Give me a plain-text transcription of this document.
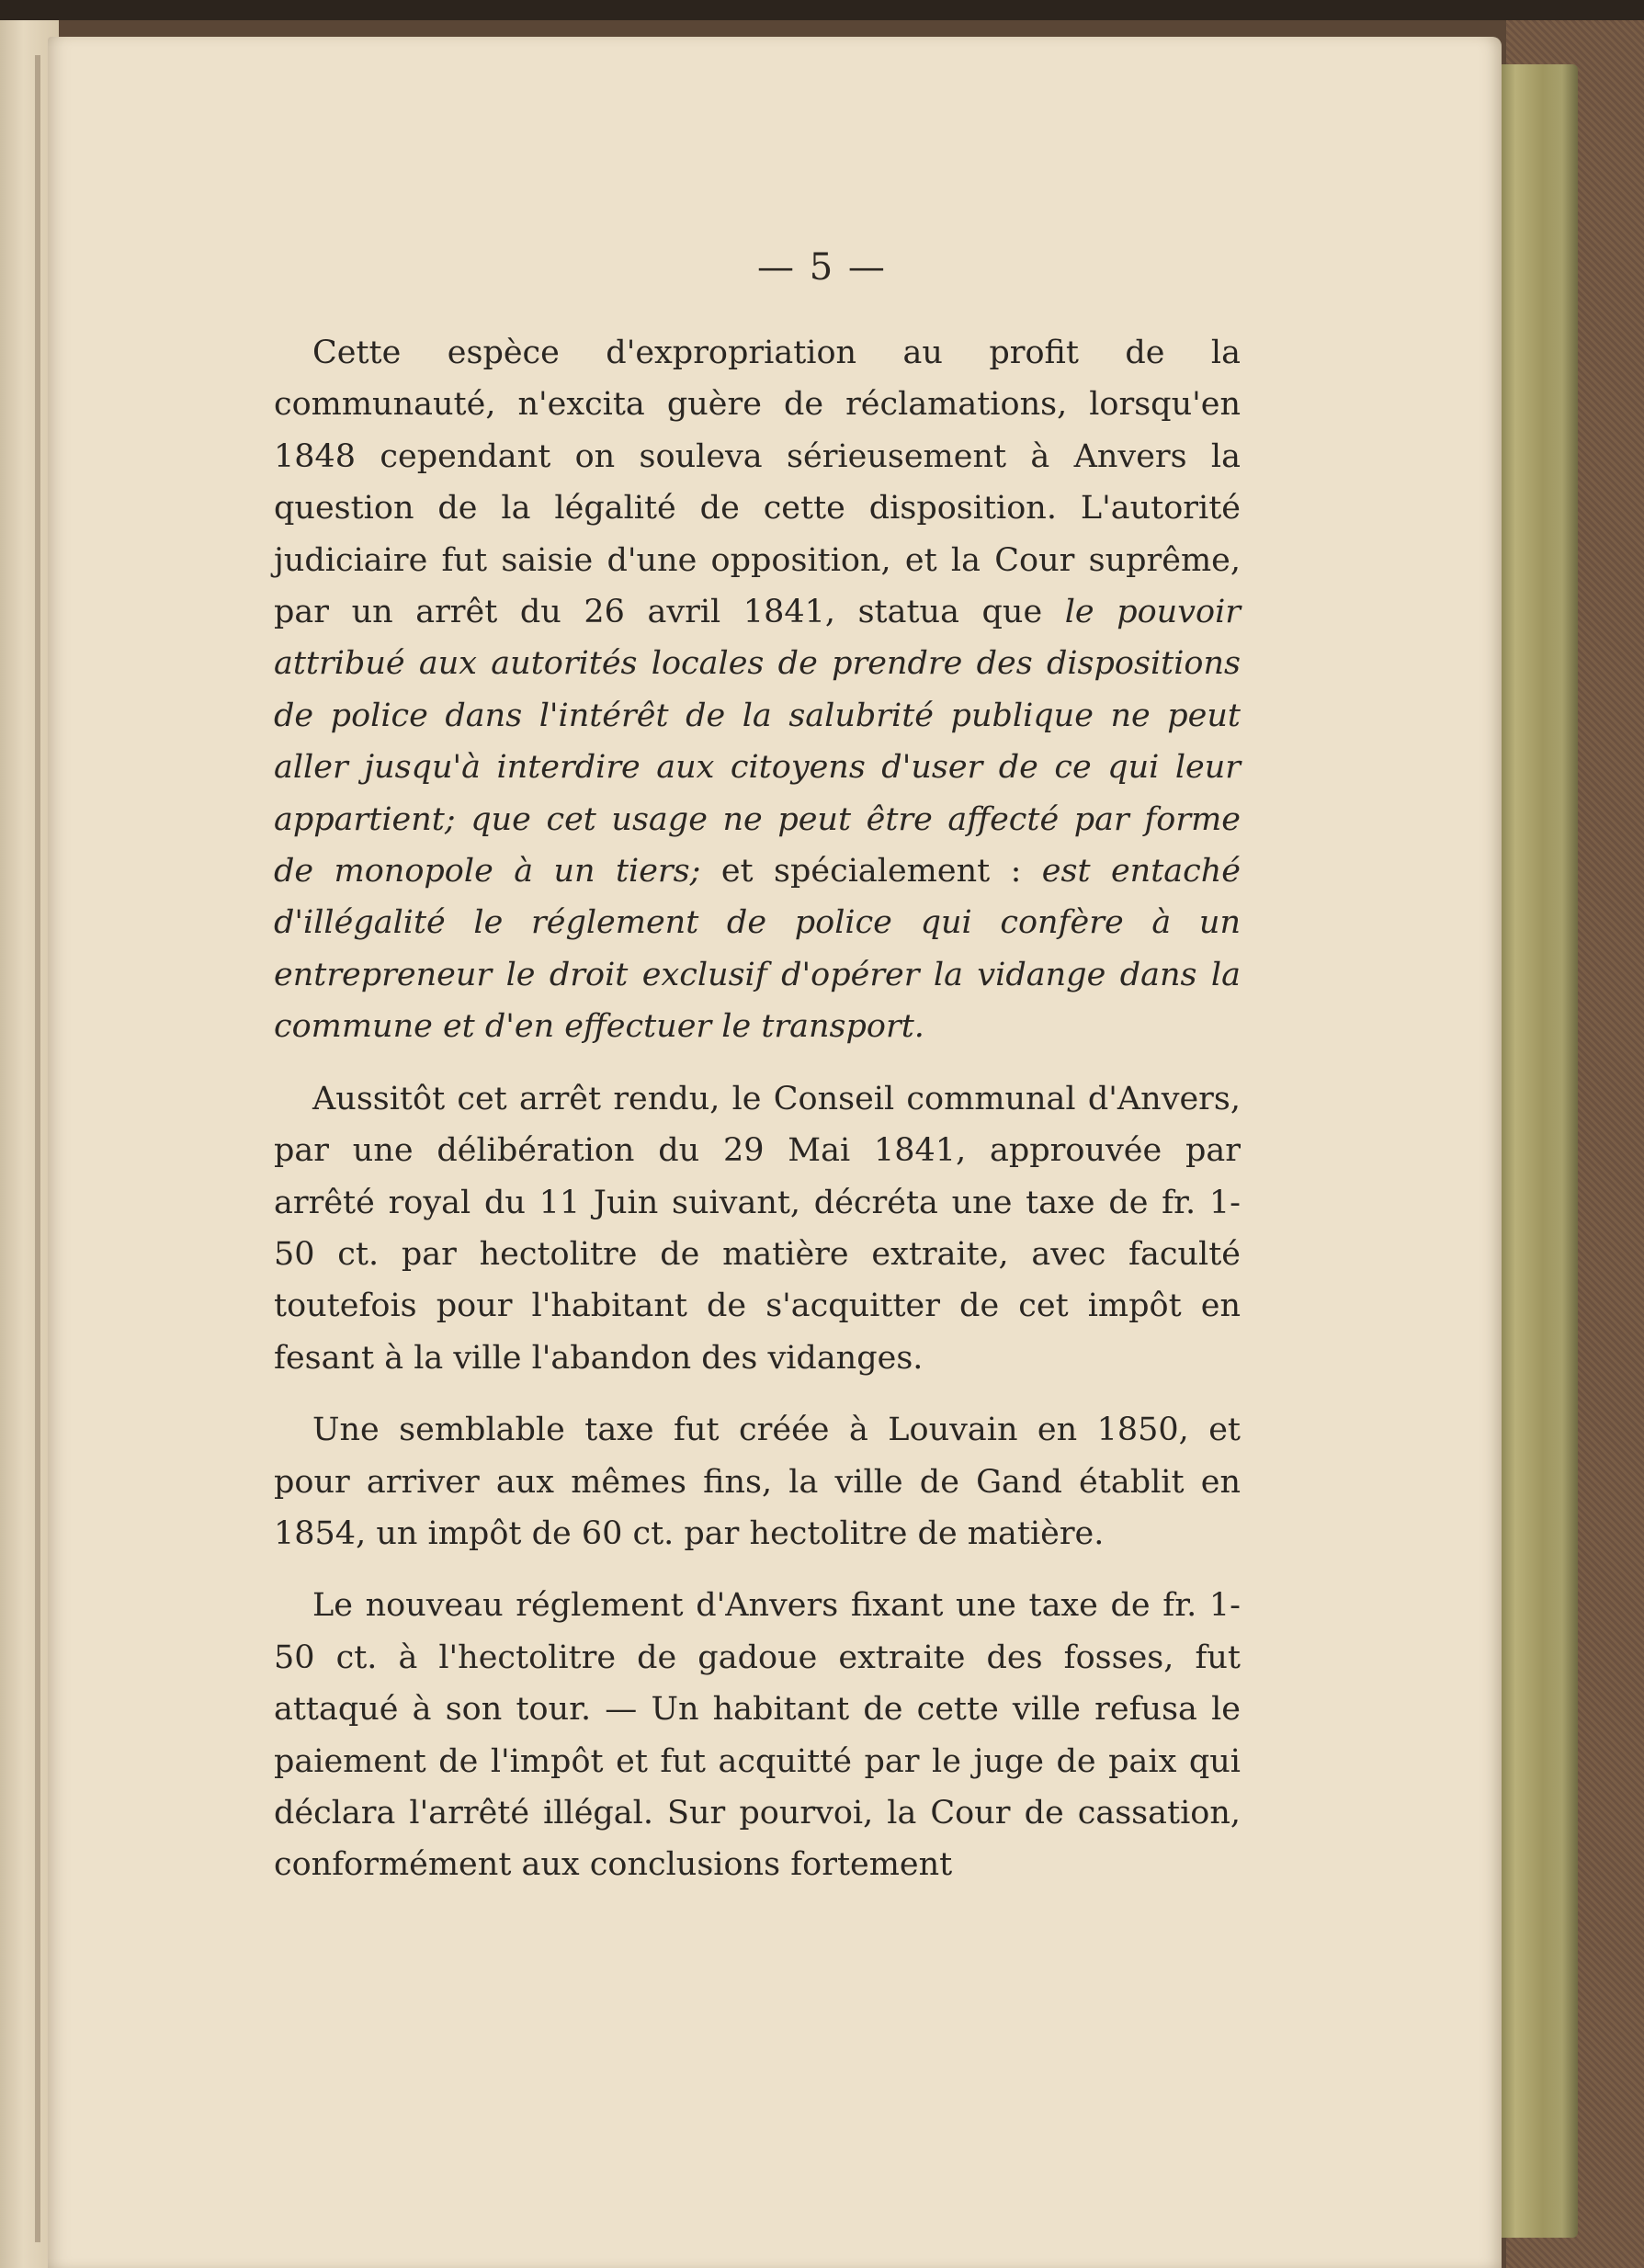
— 5 —

Cette espèce d'expropriation au profit de la communauté, n'excita guère de réclamations, lorsqu'en 1848 cependant on souleva sérieusement à Anvers la question de la légalité de cette disposition. L'autorité judiciaire fut saisie d'une opposition, et la Cour suprême, par un arrêt du 26 avril 1841, statua que le pouvoir attribué aux autorités locales de prendre des dispositions de police dans l'intérêt de la salubrité publique ne peut aller jusqu'à interdire aux citoyens d'user de ce qui leur appartient; que cet usage ne peut être affecté par forme de monopole à un tiers; et spécialement : est entaché d'illégalité le réglement de police qui confère à un entrepreneur le droit exclusif d'opérer la vidange dans la commune et d'en effectuer le transport.

Aussitôt cet arrêt rendu, le Conseil communal d'Anvers, par une délibération du 29 Mai 1841, approuvée par arrêté royal du 11 Juin suivant, décréta une taxe de fr. 1-50 ct. par hectolitre de matière extraite, avec faculté toutefois pour l'habitant de s'acquitter de cet impôt en fesant à la ville l'abandon des vidanges.

Une semblable taxe fut créée à Louvain en 1850, et pour arriver aux mêmes fins, la ville de Gand établit en 1854, un impôt de 60 ct. par hectolitre de matière.

Le nouveau réglement d'Anvers fixant une taxe de fr. 1-50 ct. à l'hectolitre de gadoue extraite des fosses, fut attaqué à son tour. — Un habitant de cette ville refusa le paiement de l'impôt et fut acquitté par le juge de paix qui déclara l'arrêté illégal. Sur pourvoi, la Cour de cassation, conformément aux conclusions fortement
